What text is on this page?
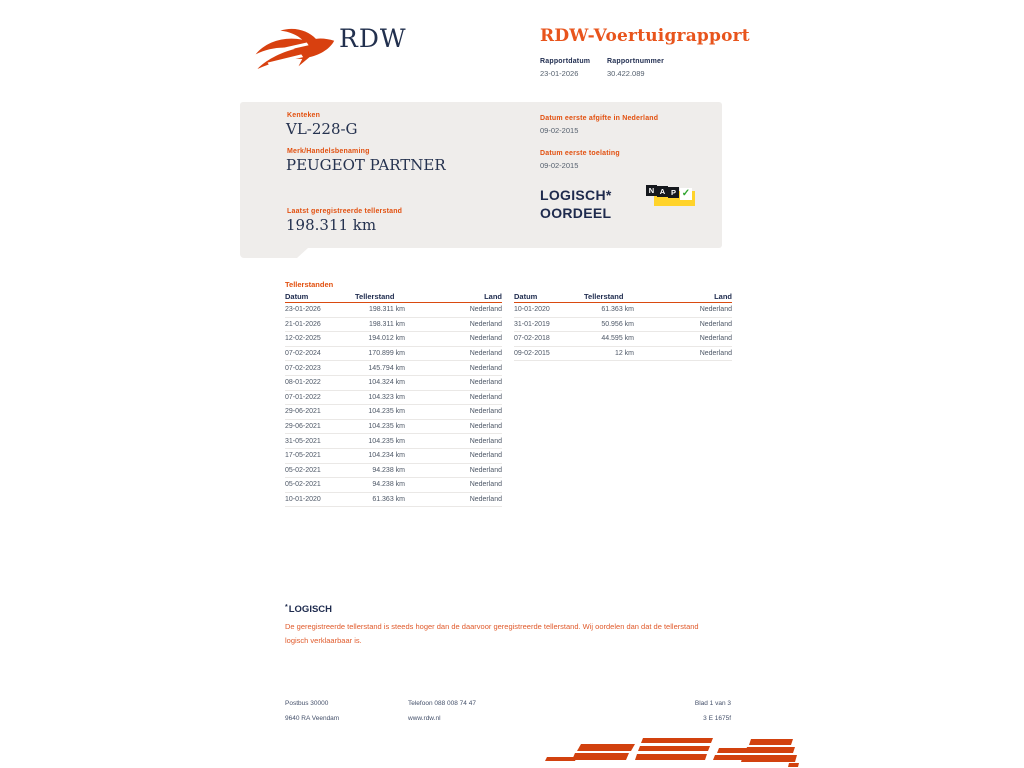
RDW	RDW-Voertuigrapport
Rapportdatum Rapportnummer
23-01-2026	30.422.089
Kenteken
VL-228-G
Merk/Handelsbenaming
PEUGEOT PARTNER
Laatst geregistreerde tellerstand
198.311 km
Datum eerste afgifte in Nederland
09-02-2015
Datum eerste toelating
09-02-2015
LOGISCH*
OORDEEL
N A P ✓
Tellerstanden
Datum	Tellerstand	Land
23-01-2026	198.311 km	Nederland
21-01-2026	198.311 km	Nederland
12-02-2025	194.012 km	Nederland
07-02-2024	170.899 km	Nederland
07-02-2023	145.794 km	Nederland
08-01-2022	104.324 km	Nederland
07-01-2022	104.323 km	Nederland
29-06-2021	104.235 km	Nederland
29-06-2021	104.235 km	Nederland
31-05-2021	104.235 km	Nederland
17-05-2021	104.234 km	Nederland
05-02-2021	94.238 km	Nederland
05-02-2021	94.238 km	Nederland
10-01-2020	61.363 km	Nederland
Datum	Tellerstand	Land
10-01-2020	61.363 km	Nederland
31-01-2019	50.956 km	Nederland
07-02-2018	44.595 km	Nederland
09-02-2015	12 km	Nederland
*LOGISCH
De geregistreerde tellerstand is steeds hoger dan de daarvoor geregistreerde tellerstand. Wij oordelen dan dat de tellerstand logisch verklaarbaar is.
Postbus 30000
9640 RA Veendam
Telefoon 088 008 74 47
www.rdw.nl
Blad 1 van 3
3 E 1675f
